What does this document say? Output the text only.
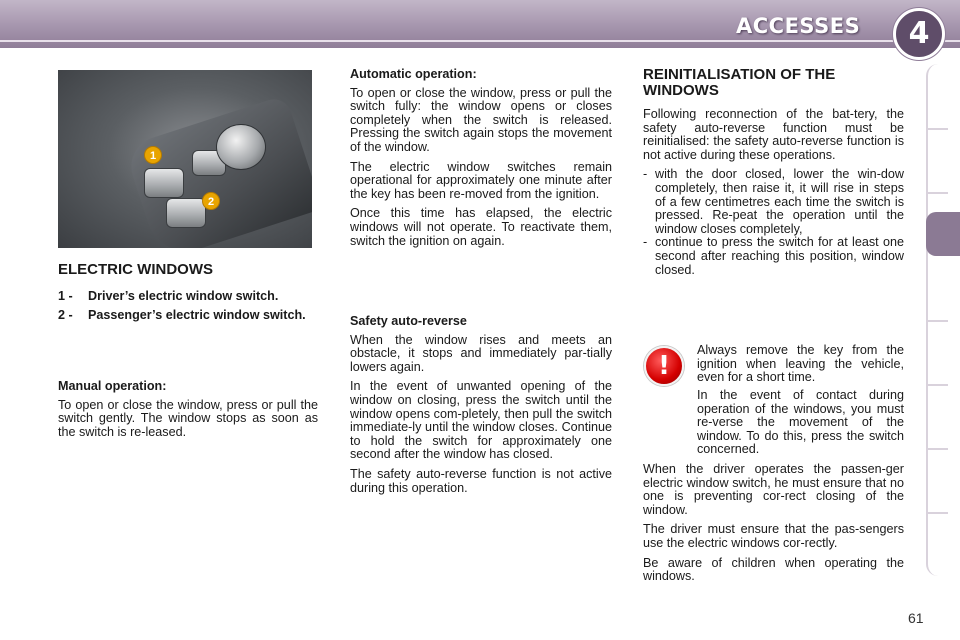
ACCESSES	4
1
2
ELECTRIC WINDOWS
1 -	Driver’s electric window switch.
2 -	Passenger’s electric window switch.
Manual operation:

To open or close the window, press or pull the switch gently. The window stops as soon as the switch is re-leased.

Automatic operation:

To open or close the window, press or pull the switch fully: the window opens or closes completely when the switch is released. Pressing the switch again stops the movement of the window.

The electric window switches remain operational for approximately one minute after the key has been re-moved from the ignition.

Once this time has elapsed, the electric windows will not operate. To reactivate them, switch the ignition on again.

Safety auto-reverse

When the window rises and meets an obstacle, it stops and immediately par-tially lowers again.

In the event of unwanted opening of the window on closing, press the switch until the window opens com-pletely, then pull the switch immediate-ly until the window closes. Continue to hold the switch for approximately one second after the window has closed.

The safety auto-reverse function is not active during this operation.

REINITIALISATION OF THE WINDOWS

Following reconnection of the bat-tery, the safety auto-reverse function must be reinitialised: the safety auto-reverse function is not active during these operations.

- with the door closed, lower the win-dow completely, then raise it, it will rise in steps of a few centimetres each time the switch is pressed. Re-peat the operation until the window closes completely,
- continue to press the switch for at least one second after reaching this position, window closed.
!

Always remove the key from the ignition when leaving the vehicle, even for a short time.

In the event of contact during operation of the windows, you must re-verse the movement of the window. To do this, press the switch concerned.

When the driver operates the passen-ger electric window switch, he must ensure that no one is preventing cor-rect closing of the window.

The driver must ensure that the pas-sengers use the electric windows cor-rectly.

Be aware of children when operating the windows.

61
